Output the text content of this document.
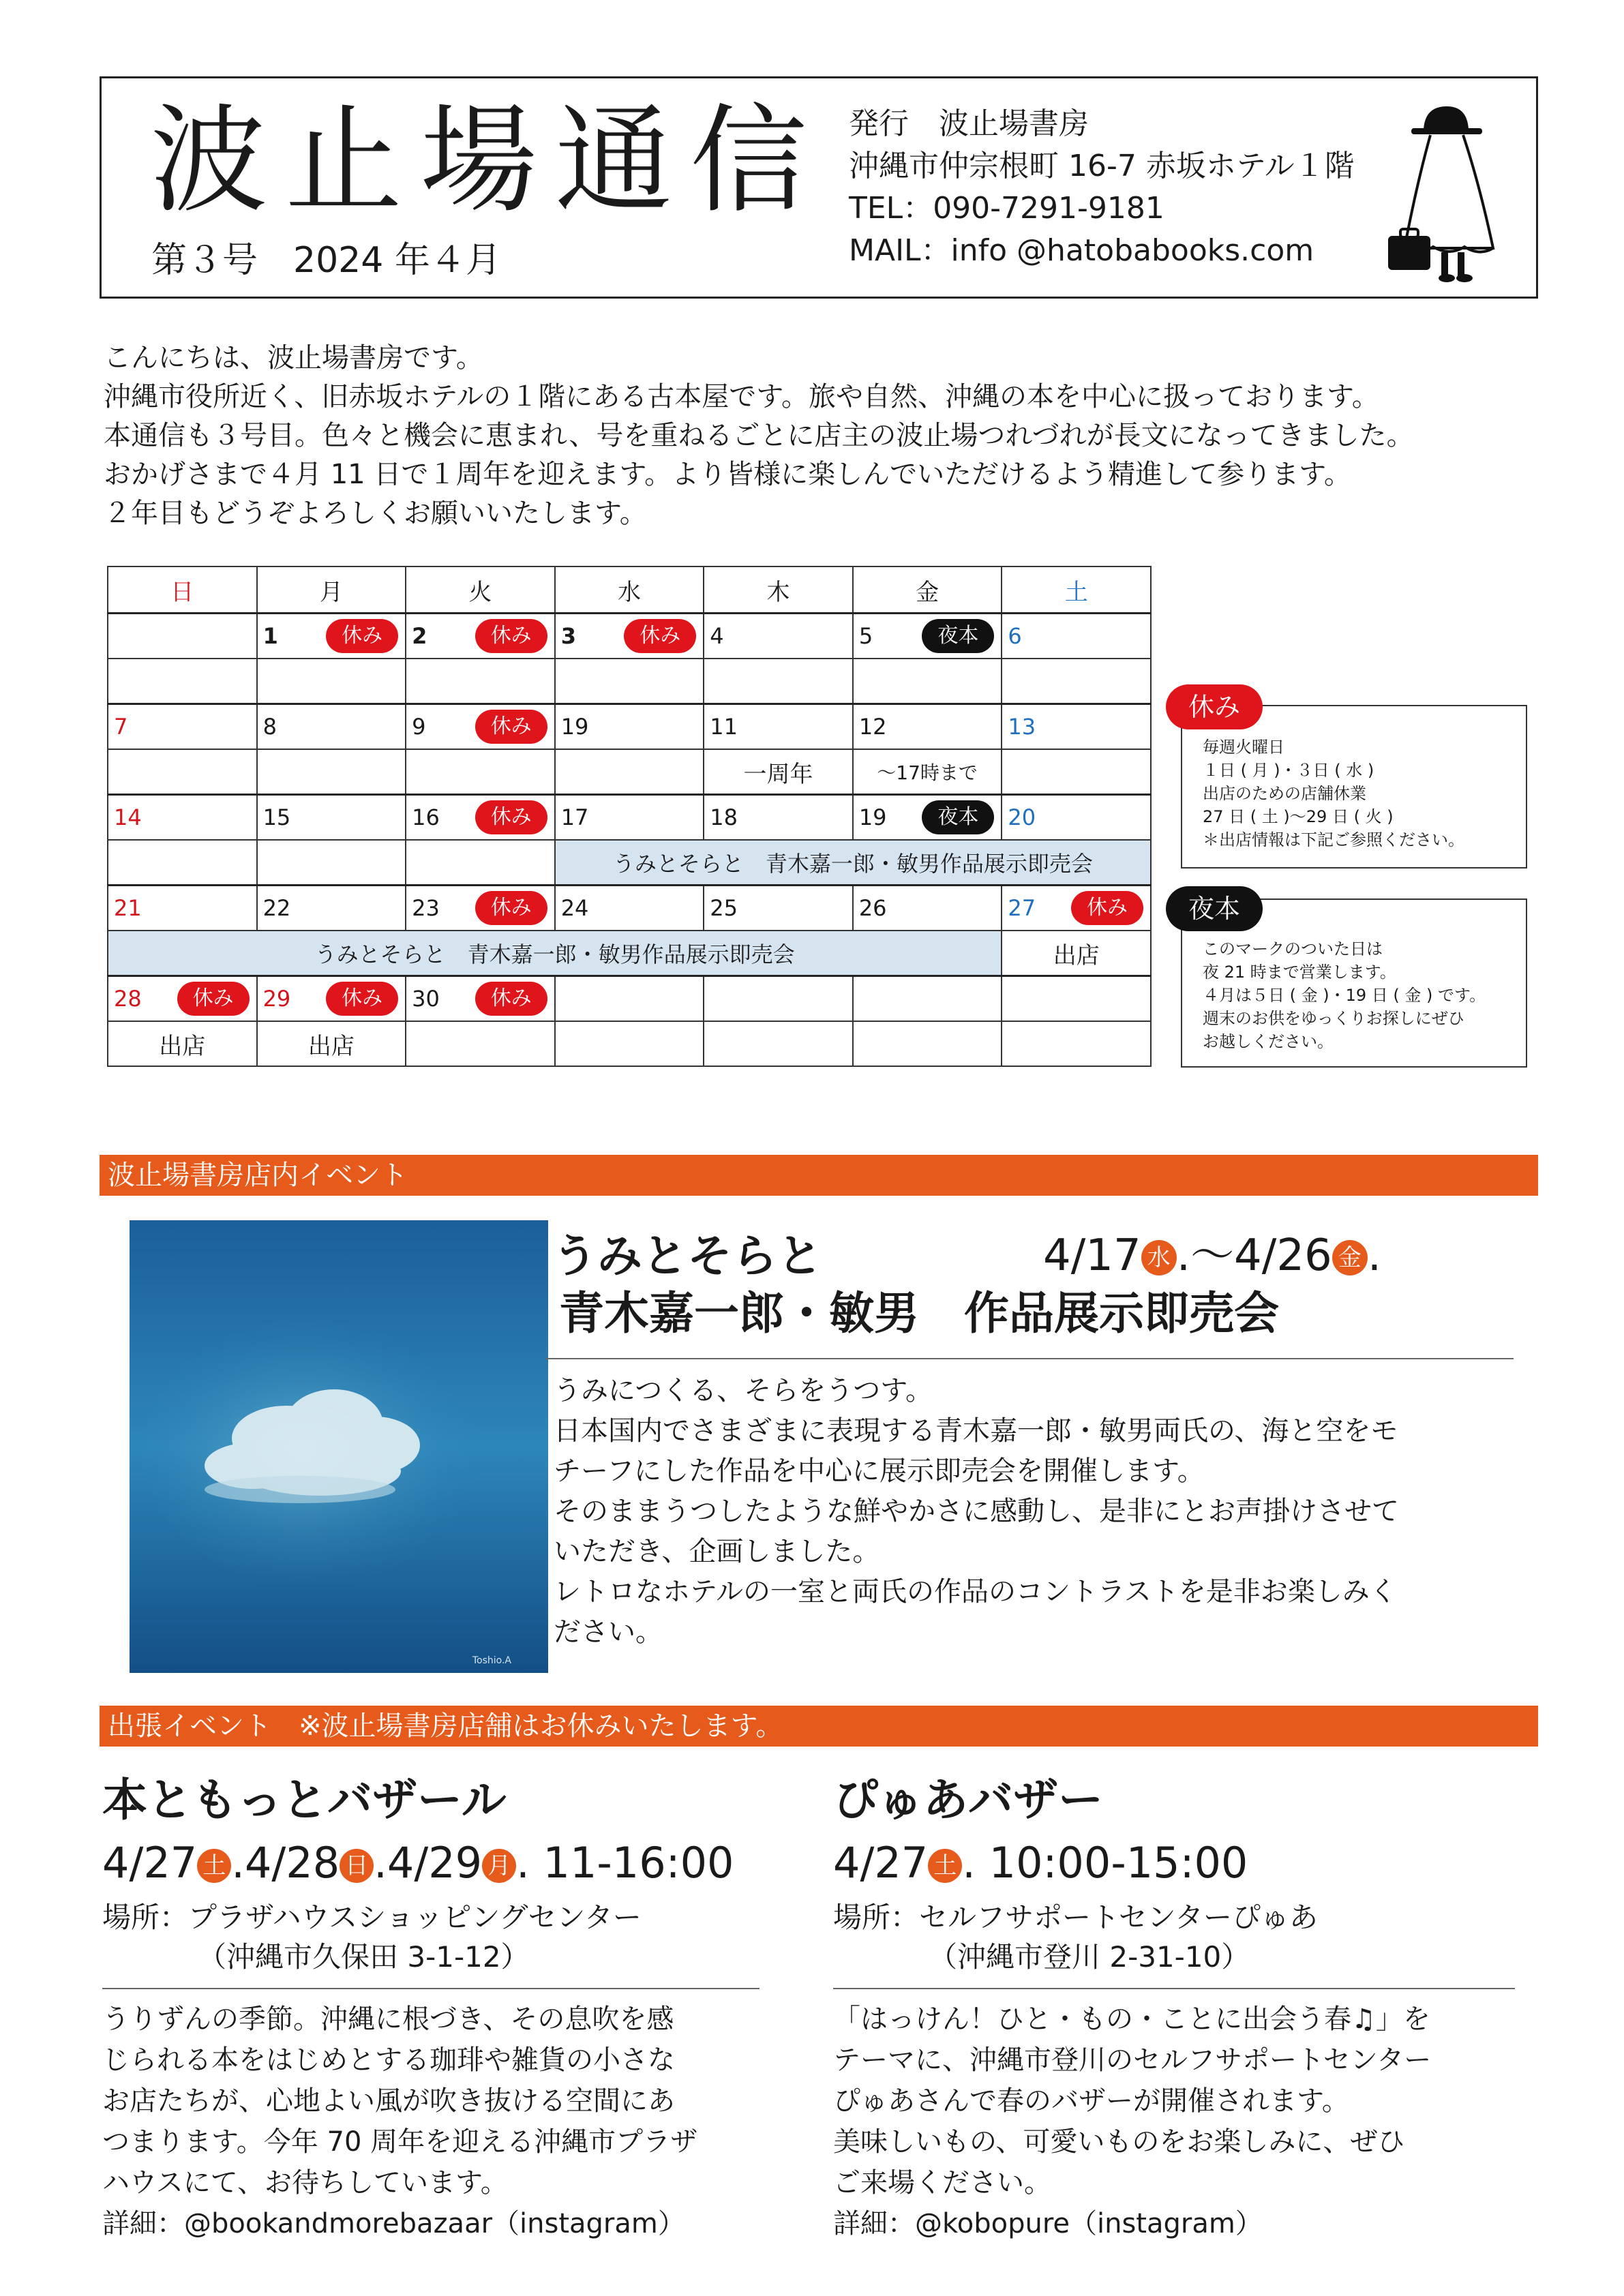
波止場通信
第３号　2024 年４月
発行　波止場書房
沖縄市仲宗根町 16-7 赤坂ホテル１階
TEL：090-7291-9181
MAIL：info @hatobabooks.com
こんにちは、波止場書房です。
沖縄市役所近く、旧赤坂ホテルの１階にある古本屋です。旅や自然、沖縄の本を中心に扱っております。
本通信も３号目。色々と機会に恵まれ、号を重ねるごとに店主の波止場つれづれが長文になってきました。
おかげさまで４月 11 日で１周年を迎えます。より皆様に楽しんでいただけるよう精進して参ります。
２年目もどうぞよろしくお願いいたします。
日	月	火	水	木	金	土

	1 休み	2 休み	3 休み	4	5 夜本	6

7	8	9 休み	19	11	12	13

				一周年	～17時まで	

14	15	16 休み	17	18	19 夜本	20

			うみとそらと　青木嘉一郎・敏男作品展示即売会			

21	22	23 休み	24	25	26	27 休み

うみとそらと　青木嘉一郎・敏男作品展示即売会						出店

28 休み	29 休み	30 休み				

出店	出店					
休み
毎週火曜日
１日 ( 月 )・３日 ( 水 )
出店のための店舗休業
27 日 ( 土 )～29 日 ( 火 )
＊出店情報は下記ご参照ください。
夜本
このマークのついた日は
夜 21 時まで営業します。
４月は５日 ( 金 )・19 日 ( 金 ) です。
週末のお供をゆっくりお探しにぜひ
お越しください。
波止場書房店内イベント
Toshio.A
うみとそらと	4/17 水 .～4/26 金 .
青木嘉一郎・敏男　作品展示即売会
うみにつくる、そらをうつす。
日本国内でさまざまに表現する青木嘉一郎・敏男両氏の、海と空をモ
チーフにした作品を中心に展示即売会を開催します。
そのままうつしたような鮮やかさに感動し、是非にとお声掛けさせて
いただき、企画しました。
レトロなホテルの一室と両氏の作品のコントラストを是非お楽しみく
ださい。
出張イベント　※波止場書房店舗はお休みいたします。
本ともっとバザール
4/27 土 .4/28 日 .4/29 月 . 11-16:00
場所：プラザハウスショッピングセンター
（沖縄市久保田 3-1-12）
うりずんの季節。沖縄に根づき、その息吹を感
じられる本をはじめとする珈琲や雑貨の小さな
お店たちが、心地よい風が吹き抜ける空間にあ
つまります。今年 70 周年を迎える沖縄市プラザ
ハウスにて、お待ちしています。
詳細：@bookandmorebazaar（instagram）
ぴゅあバザー
4/27 土 . 10:00-15:00
場所：セルフサポートセンターぴゅあ
（沖縄市登川 2-31-10）
「はっけん！ひと・もの・ことに出会う春♫」を
テーマに、沖縄市登川のセルフサポートセンター
ぴゅあさんで春のバザーが開催されます。
美味しいもの、可愛いものをお楽しみに、ぜひ
ご来場ください。
詳細：@kobopure（instagram）
